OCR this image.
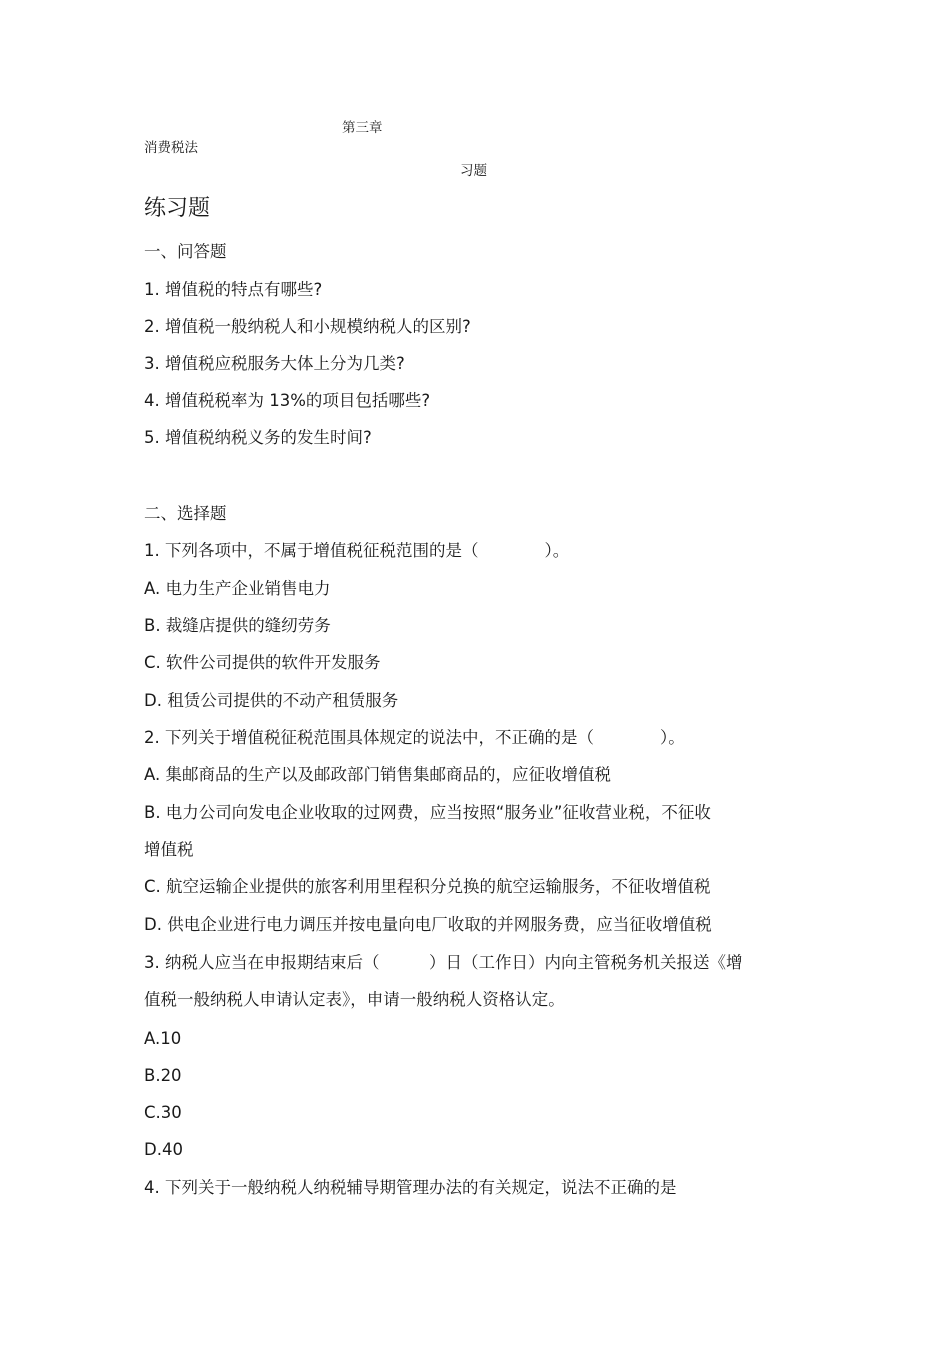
第三章
消费税法
习题
练习题
一、问答题
1. 增值税的特点有哪些?
2. 增值税一般纳税人和小规模纳税人的区别?
3. 增值税应税服务大体上分为几类?
4. 增值税税率为 13%的项目包括哪些?
5. 增值税纳税义务的发生时间?
二、选择题
1. 下列各项中，不属于增值税征税范围的是（　　　　）。
A. 电力生产企业销售电力
B. 裁缝店提供的缝纫劳务
C. 软件公司提供的软件开发服务
D. 租赁公司提供的不动产租赁服务
2. 下列关于增值税征税范围具体规定的说法中，不正确的是（　　　　）。
A. 集邮商品的生产以及邮政部门销售集邮商品的，应征收增值税
B. 电力公司向发电企业收取的过网费，应当按照“服务业”征收营业税，不征收
增值税
C. 航空运输企业提供的旅客利用里程积分兑换的航空运输服务，不征收增值税
D. 供电企业进行电力调压并按电量向电厂收取的并网服务费，应当征收增值税
3. 纳税人应当在申报期结束后（　　　）日（工作日）内向主管税务机关报送《增
值税一般纳税人申请认定表》，申请一般纳税人资格认定。
A.10
B.20
C.30
D.40
4. 下列关于一般纳税人纳税辅导期管理办法的有关规定，说法不正确的是
